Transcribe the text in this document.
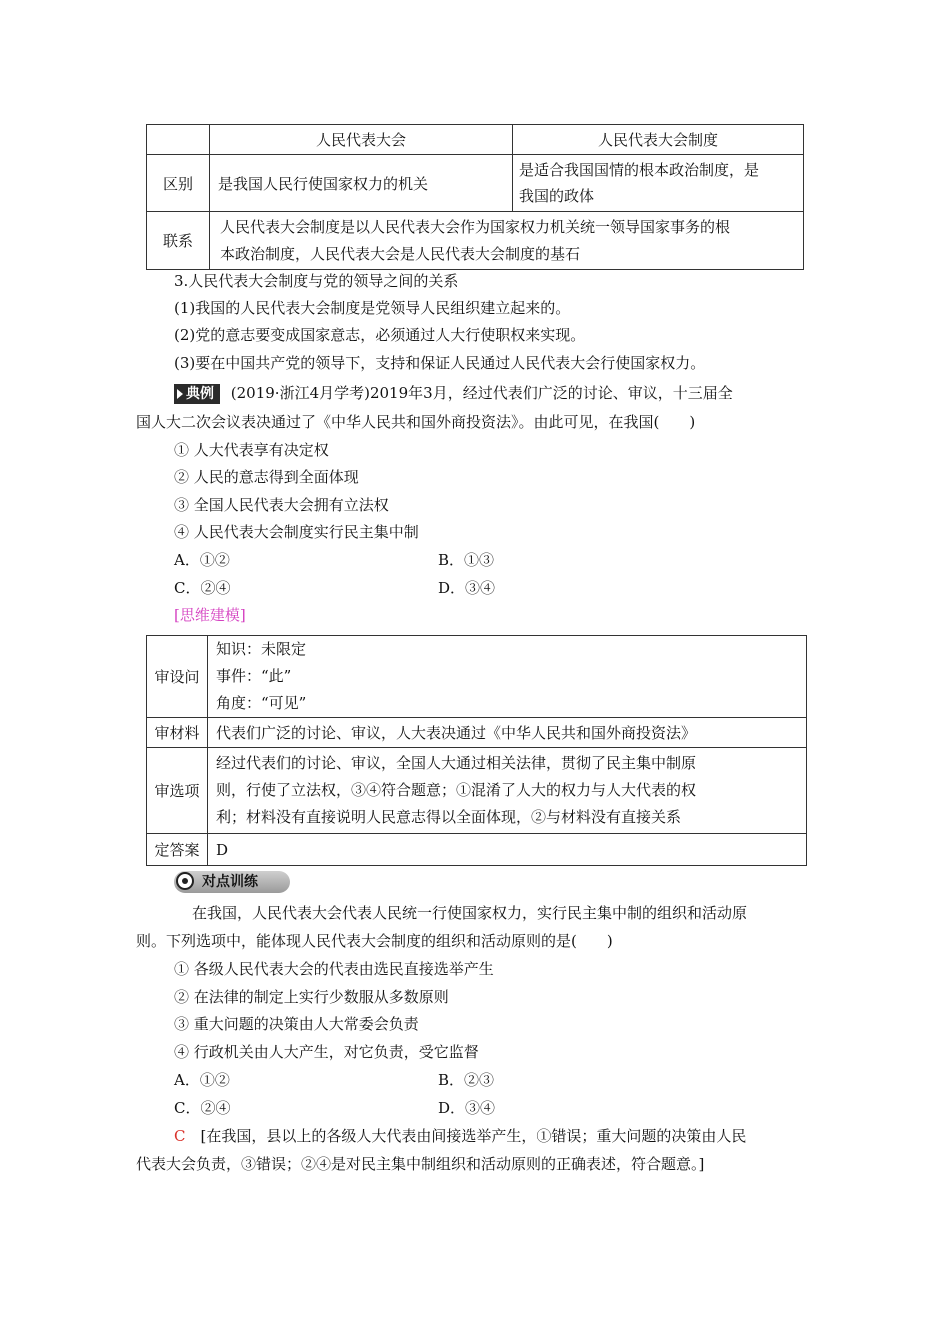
	人民代表大会	人民代表大会制度
区别	是我国人民行使国家权力的机关	是适合我国国情的根本政治制度，是
我国的政体

联系	人民代表大会制度是以人民代表大会作为国家权力机关统一领导国家事务的根
本政治制度，人民代表大会是人民代表大会制度的基石	
3.人民代表大会制度与党的领导之间的关系
(1)我国的人民代表大会制度是党领导人民组织建立起来的。
(2)党的意志要变成国家意志，必须通过人大行使职权来实现。
(3)要在中国共产党的领导下，支持和保证人民通过人民代表大会行使国家权力。
典例 (2019·浙江4月学考)2019年3月，经过代表们广泛的讨论、审议，十三届全
国人大二次会议表决通过了《中华人民共和国外商投资法》。由此可见，在我国(　　)
① 人大代表享有决定权
② 人民的意志得到全面体现
③ 全国人民代表大会拥有立法权
④ 人民代表大会制度实行民主集中制
A．①②	B．①③
C．②④	D．③④
[思维建模]
审设问	知识：未限定
事件：“此”
角度：“可见”

审材料	代表们广泛的讨论、审议，人大表决通过《中华人民共和国外商投资法》
审选项	经过代表们的讨论、审议，全国人大通过相关法律，贯彻了民主集中制原
则，行使了立法权，③④符合题意；①混淆了人大的权力与人大代表的权
利；材料没有直接说明人民意志得以全面体现，②与材料没有直接关系

定答案	D
对点训练
在我国，人民代表大会代表人民统一行使国家权力，实行民主集中制的组织和活动原
则。下列选项中，能体现人民代表大会制度的组织和活动原则的是(　　)
① 各级人民代表大会的代表由选民直接选举产生
② 在法律的制定上实行少数服从多数原则
③ 重大问题的决策由人大常委会负责
④ 行政机关由人大产生，对它负责，受它监督
A．①②	B．②③
C．②④	D．③④
C　[在我国，县以上的各级人大代表由间接选举产生，①错误；重大问题的决策由人民
代表大会负责，③错误；②④是对民主集中制组织和活动原则的正确表述，符合题意。]
